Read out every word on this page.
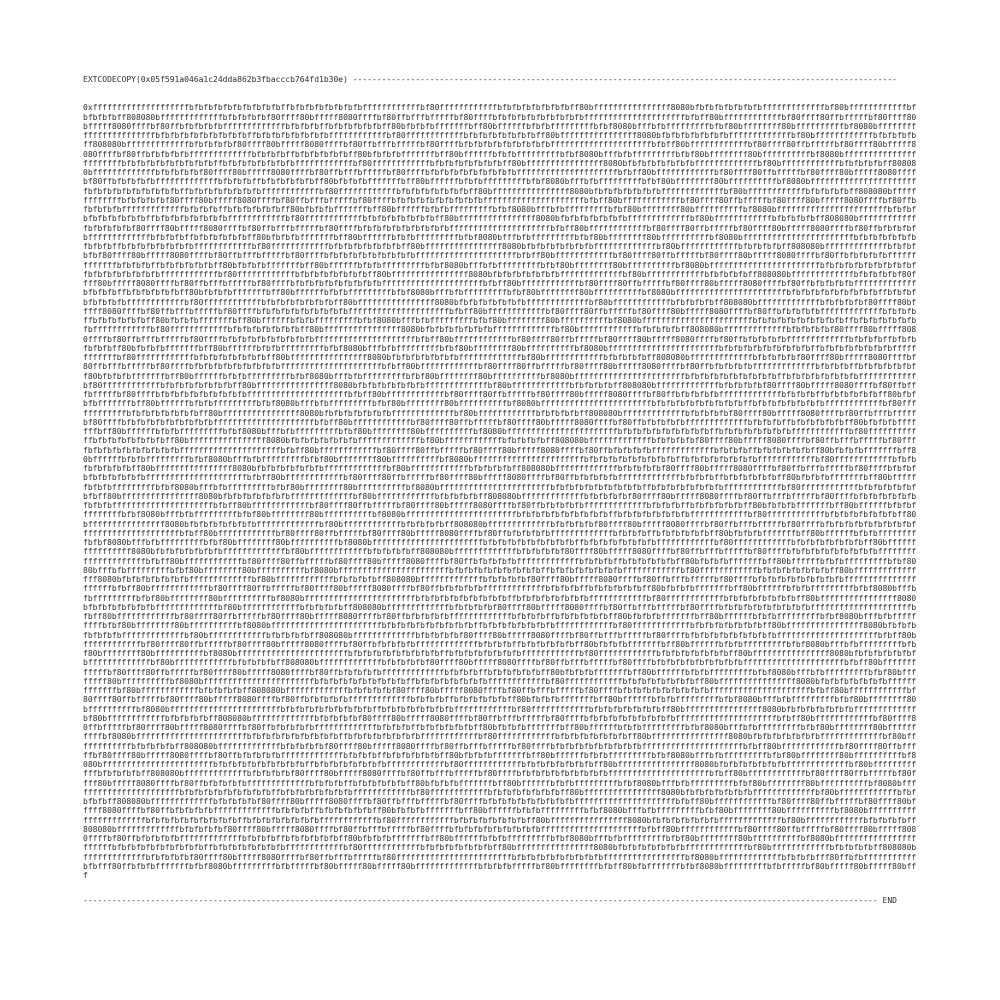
EXTCODECOPY(0x05f591a046a1c24dda862b3fbacccb764fd1b30e) -----------------------------------------------------------------------------------------------------------------
0xffffffffffffffffffffbfbfbfbfbfbfbfbfbfbffbfbfbfbfbfbfbfbffffffffffffbf80ffffffffffffbfbfbfbfbfbfbfbff80bffffffffffffffff8080bfbfbfbfbfbfbfbfffffffffffffbf80bffffffffffffbfbfbfbfbff808080bfffffffffffffbfbfbfbfbf80ffff80bfffff8080ffffbf80ffbfffbfffffbf80ffffbfbfbfbfbfbfbfbfbfbfffffffffffffffffffffbfbff80bffffffffffffbf80ffff80ffbfffffbf80ffff80bfffff8080ffffbf80ffbfbfbfbfbfffffffffffffbfbfbfbffbfbfbfbfbfbff80bfbfbfbfffffffbff80bffffffbfbfbfffffffffbfbf8080bfffbfbfffffffffbfbf80bffffffff80bffffffffffbf8080bfffffffffffffffffffffffbfbfbfbfbfbfbfbfbfbffbfbfbfbfbfbfbfbffffffffffffbf80ffffffffffffbfbfbfbfbfbfbfbff80bffffffffffffffff8080bfbfbfbfbfbfbfbfffffffffffffbf80bffffffffffffbfbfbfbfbff808080bfffffffffffffbfbfbfbfbf80ffff80bfffff8080ffffbf80ffbfffbfffffbf80ffffbfbfbfbfbfbfbfbfbfbfffffffffffffffffffffbfbff80bffffffffffffbf80ffff80ffbfffffbf80ffff80bfffff8080ffffbf80ffbfbfbfbfbfffffffffffffbfbfbfbffbfbfbfbfbfbff80bfbfbfbfffffffbff80bffffffbfbfbfffffffffbfbf8080bfffbfbfffffffffbfbf80bffffffff80bffffffffffbf8080bfffffffffffffffffffffffbfbfbfbfbfbfbfbfbfbffbfbfbfbfbfbfbfbffffffffffffbf80ffffffffffffbfbfbfbfbfbfbfbff80bffffffffffffffff8080bfbfbfbfbfbfbfbfffffffffffffbf80bffffffffffffbfbfbfbfbff808080bfffffffffffffbfbfbfbfbf80ffff80bfffff8080ffffbf80ffbfffbfffffbf80ffffbfbfbfbfbfbfbfbfbfbfffffffffffffffffffffbfbff80bffffffffffffbf80ffff80ffbfffffbf80ffff80bfffff8080ffffbf80ffbfbfbfbfbfffffffffffffbfbfbfbffbfbfbfbfbfbff80bfbfbfbfffffffbff80bffffffbfbfbfffffffffbfbf8080bfffbfbfffffffffbfbf80bffffffff80bffffffffffbf8080bfffffffffffffffffffffffbfbfbfbfbfbfbfbfbfbffbfbfbfbfbfbfbfbffffffffffffbf80ffffffffffffbfbfbfbfbfbfbfbff80bffffffffffffffff8080bfbfbfbfbfbfbfbfffffffffffffbf80bffffffffffffbfbfbfbfbff808080bfffffffffffffbfbfbfbfbf80ffff80bfffff8080ffffbf80ffbfffbfffffbf80ffffbfbfbfbfbfbfbfbfbfbfffffffffffffffffffffbfbff80bffffffffffffbf80ffff80ffbfffffbf80ffff80bfffff8080ffffbf80ffbfbfbfbfbfffffffffffffbfbfbfbffbfbfbfbfbfbff80bfbfbfbfffffffbff80bffffffbfbfbfffffffffbfbf8080bfffbfbfffffffffbfbf80bffffffff80bffffffffffbf8080bfffffffffffffffffffffffbfbfbfbfbfbfbfbfbfbffbfbfbfbfbfbfbfbffffffffffffbf80ffffffffffffbfbfbfbfbfbfbfbff80bffffffffffffffff8080bfbfbfbfbfbfbfbfffffffffffffbf80bffffffffffffbfbfbfbfbff808080bfffffffffffffbfbfbfbfbf80ffff80bfffff8080ffffbf80ffbfffbfffffbf80ffffbfbfbfbfbfbfbfbfbfbfffffffffffffffffffffbfbff80bffffffffffffbf80ffff80ffbfffffbf80ffff80bfffff8080ffffbf80ffbfbfbfbfbfffffffffffffbfbfbfbffbfbfbfbfbfbff80bfbfbfbfffffffbff80bffffffbfbfbfffffffffbfbf8080bfffbfbfffffffffbfbf80bffffffff80bffffffffffbf8080bfffffffffffffffffffffffbfbfbfbfbfbfbfbfbfbffbfbfbfbfbfbfbfbffffffffffffbf80ffffffffffffbfbfbfbfbfbfbfbff80bffffffffffffffff8080bfbfbfbfbfbfbfbfffffffffffffbf80bffffffffffffbfbfbfbfbff808080bfffffffffffffbfbfbfbfbf80ffff80bfffff8080ffffbf80ffbfffbfffffbf80ffffbfbfbfbfbfbfbfbfbfbfffffffffffffffffffffbfbff80bffffffffffffbf80ffff80ffbfffffbf80ffff80bfffff8080ffffbf80ffbfbfbfbfbfffffffffffffbfbfbfbffbfbfbfbfbfbff80bfbfbfbfffffffbff80bffffffbfbfbfffffffffbfbf8080bfffbfbfffffffffbfbf80bffffffff80bffffffffffbf8080bfffffffffffffffffffffffbfbfbfbfbfbfbfbfbfbffbfbfbfbfbfbfbfbffffffffffffbf80ffffffffffffbfbfbfbfbfbfbfbff80bffffffffffffffff8080bfbfbfbfbfbfbfbfffffffffffffbf80bffffffffffffbfbfbfbfbff808080bfffffffffffffbfbfbfbfbf80ffff80bfffff8080ffffbf80ffbfffbfffffbf80ffffbfbfbfbfbfbfbfbfbfbfffffffffffffffffffffbfbff80bffffffffffffbf80ffff80ffbfffffbf80ffff80bfffff8080ffffbf80ffbfbfbfbfbfffffffffffffbfbfbfbffbfbfbfbfbfbff80bfbfbfbfffffffbff80bffffffbfbfbfffffffffbfbf8080bfffbfbfffffffffbfbf80bffffffff80bffffffffffbf8080bfffffffffffffffffffffffbfbfbfbfbfbfbfbfbfbffbfbfbfbfbfbfbfbffffffffffffbf80ffffffffffffbfbfbfbfbfbfbfbff80bffffffffffffffff8080bfbfbfbfbfbfbfbfffffffffffffbf80bffffffffffffbfbfbfbfbff808080bfffffffffffffbfbfbfbfbf80ffff80bfffff8080ffffbf80ffbfffbfffffbf80ffffbfbfbfbfbfbfbfbfbfbfffffffffffffffffffffbfbff80bffffffffffffbf80ffff80ffbfffffbf80ffff80bfffff8080ffffbf80ffbfbfbfbfbfffffffffffffbfbfbfbffbfbfbfbfbfbff80bfbfbfbfffffffbff80bffffffbfbfbfffffffffbfbf8080bfffbfbfffffffffbfbf80bffffffff80bffffffffffbf8080bfffffffffffffffffffffffbfbfbfbfbfbfbfbfbfbffbfbfbfbfbfbfbfbffffffffffffbf80ffffffffffffbfbfbfbfbfbfbfbff80bffffffffffffffff8080bfbfbfbfbfbfbfbfffffffffffffbf80bffffffffffffbfbfbfbfbff808080bfffffffffffffbfbfbfbfbf80ffff80bfffff8080ffffbf80ffbfffbfffffbf80ffffbfbfbfbfbfbfbfbfbfbfffffffffffffffffffffbfbff80bffffffffffffbf80ffff80ffbfffffbf80ffff80bfffff8080ffffbf80ffbfbfbfbfbfffffffffffffbfbfbfbffbfbfbfbfbfbff80bfbfbfbfffffffbff80bffffffbfbfbfffffffffbfbf8080bfffbfbfffffffffbfbf80bffffffff80bffffffffffbf8080bfffffffffffffffffffffffbfbfbfbfbfbfbfbfbfbffbfbfbfbfbfbfbfbffffffffffffbf80ffffffffffffbfbfbfbfbfbfbfbff80bffffffffffffffff8080bfbfbfbfbfbfbfbfffffffffffffbf80bffffffffffffbfbfbfbfbff808080bfffffffffffffbfbfbfbfbf80ffff80bfffff8080ffffbf80ffbfffbfffffbf80ffffbfbfbfbfbfbfbfbfbfbfffffffffffffffffffffbfbff80bffffffffffffbf80ffff80ffbfffffbf80ffff80bfffff8080ffffbf80ffbfbfbfbfbfffffffffffffbfbfbfbffbfbfbfbfbfbff80bfbfbfbfffffffbff80bffffffbfbfbfffffffffbfbf8080bfffbfbfffffffffbfbf80bffffffff80bffffffffffbf8080bfffffffffffffffffffffffbfbfbfbfbfbfbfbfbfbffbfbfbfbfbfbfbfbffffffffffffbf80ffffffffffffbfbfbfbfbfbfbfbff80bffffffffffffffff8080bfbfbfbfbfbfbfbfffffffffffffbf80bffffffffffffbfbfbfbfbff808080bfffffffffffffbfbfbfbfbf80ffff80bfffff8080ffffbf80ffbfffbfffffbf80ffffbfbfbfbfbfbfbfbfbfbfffffffffffffffffffffbfbff80bffffffffffffbf80ffff80ffbfffffbf80ffff80bfffff8080ffffbf80ffbfbfbfbfbfffffffffffffbfbfbfbffbfbfbfbfbfbff80bfbfbfbfffffffbff80bffffffbfbfbfffffffffbfbf8080bfffbfbfffffffffbfbf80bffffffff80bffffffffffbf8080bfffffffffffffffffffffffbfbfbfbfbfbfbfbfbfbffbfbfbfbfbfbfbfbffffffffffffbf80ffffffffffffbfbfbfbfbfbfbfbff80bffffffffffffffff8080bfbfbfbfbfbfbfbfffffffffffffbf80bffffffffffffbfbfbfbfbff808080bfffffffffffffbfbfbfbfbf80ffff80bfffff8080ffffbf80ffbfffbfffffbf80ffffbfbfbfbfbfbfbfbfbfbfffffffffffffffffffffbfbff80bffffffffffffbf80ffff80ffbfffffbf80ffff80bfffff8080ffffbf80ffbfbfbfbfbfffffffffffffbfbfbfbffbfbfbfbfbfbff80bfbfbfbfffffffbff80bffffffbfbfbfffffffffbfbf8080bfffbfbfffffffffbfbf80bffffffff80bffffffffffbf8080bfffffffffffffffffffffffbfbfbfbfbfbfbfbfbfbffbfbfbfbfbfbfbfbffffffffffffbf80ffffffffffffbfbfbfbfbfbfbfbff80bffffffffffffffff8080bfbfbfbfbfbfbfbfffffffffffffbf80bffffffffffffbfbfbfbfbff808080bfffffffffffffbfbfbfbfbf80ffff80bfffff8080ffffbf80ffbfffbfffffbf80ffffbfbfbfbfbfbfbfbfbfbfffffffffffffffffffffbfbff80bffffffffffffbf80ffff80ffbfffffbf80ffff80bfffff8080ffffbf80ffbfbfbfbfbfffffffffffffbfbfbfbffbfbfbfbfbfbff80bfbfbfbfffffffbff80bffffffbfbfbfffffffffbfbf8080bfffbfbfffffffffbfbf80bffffffff80bffffffffffbf8080bfffffffffffffffffffffffbfbfbfbfbfbfbfbfbfbffbfbfbfbfbfbfbfbffffffffffffbf80ffffffffffffbfbfbfbfbfbfbfbff80bffffffffffffffff8080bfbfbfbfbfbfbfbfffffffffffffbf80bffffffffffffbfbfbfbfbff808080bfffffffffffffbfbfbfbfbf80ffff80bfffff8080ffffbf80ffbfffbfffffbf80ffffbfbfbfbfbfbfbfbfbfbfffffffffffffffffffffbfbff80bffffffffffffbf80ffff80ffbfffffbf80ffff80bfffff8080ffffbf80ffbfbfbfbfbfffffffffffffbfbfbfbffbfbfbfbfbfbff80bfbfbfbfffffffbff80bffffffbfbfbfffffffffbfbf8080bfffbfbfffffffffbfbf80bffffffff80bffffffffffbf8080bfffffffffffffffffffffffbfbfbfbfbfbfbfbfbfbffbfbfbfbfbfbfbfbffffffffffffbf80ffffffffffffbfbfbfbfbfbfbfbff80bffffffffffffffff8080bfbfbfbfbfbfbfbfffffffffffffbf80bffffffffffffbfbfbfbfbff808080bfffffffffffffbfbfbfbfbf80ffff80bfffff8080ffffbf80ffbfffbfffffbf80ffffbfbfbfbfbfbfbfbfbfbfffffffffffffffffffffbfbff80bffffffffffffbf80ffff80ffbfffffbf80ffff80bfffff8080ffffbf80ffbfbfbfbfbfffffffffffffbfbfbfbffbfbfbfbfbfbff80bfbfbfbfffffffbff80bffffffbfbfbfffffffffbfbf8080bfffbfbfffffffffbfbf80bffffffff80bffffffffffbf8080bfffffffffffffffffffffffbfbfbfbfbfbfbfbfbfbffbfbfbfbfbfbfbfbffffffffffffbf80ffffffffffffbfbfbfbfbfbfbfbff80bffffffffffffffff8080bfbfbfbfbfbfbfbfffffffffffffbf80bffffffffffffbfbfbfbfbff808080bfffffffffffffbfbfbfbfbf80ffff80bfffff8080ffffbf80ffbfffbfffffbf80ffffbfbfbfbfbfbfbfbfbfbfffffffffffffffffffffbfbff80bffffffffffffbf80ffff80ffbfffffbf80ffff80bfffff8080ffffbf80ffbfbfbfbfbfffffffffffffbfbfbfbffbfbfbfbfbfbff80bfbfbfbfffffffbff80bffffffbfbfbfffffffffbfbf8080bfffbfbfffffffffbfbf80bffffffff80bffffffffffbf8080bfffffffffffffffffffffffbfbfbfbfbfbfbfbfbfbffbfbfbfbfbfbfbfbffffffffffffbf80ffffffffffffbfbfbfbfbfbfbfbff80bffffffffffffffff8080bfbfbfbfbfbfbfbfffffffffffffbf80bffffffffffffbfbfbfbfbff808080bfffffffffffffbfbfbfbfbf80ffff80bfffff8080ffffbf80ffbfffbfffffbf80ffffbfbfbfbfbfbfbfbfbfbfffffffffffffffffffffbfbff80bffffffffffffbf80ffff80ffbfffffbf80ffff80bfffff8080ffffbf80ffbfbfbfbfbfffffffffffffbfbfbfbffbfbfbfbfbfbff80bfbfbfbfffffffbff80bffffffbfbfbfffffffffbfbf8080bfffbfbfffffffffbfbf80bffffffff80bffffffffffbf8080bfffffffffffffffffffffffbfbfbfbfbfbfbfbfbfbffbfbfbfbfbfbfbfbffffffffffffbf80ffffffffffffbfbfbfbfbfbfbfbff80bffffffffffffffff8080bfbfbfbfbfbfbfbfffffffffffffbf80bffffffffffffbfbfbfbfbff808080bfffffffffffffbfbfbfbfbf80ffff80bfffff8080ffffbf80ffbfffbfffffbf80ffffbfbfbfbfbfbfbfbfbfbfffffffffffffffffffffbfbff80bffffffffffffbf80ffff80ffbfffffbf80ffff80bfffff8080ffffbf80ffbfbfbfbfbfffffffffffffbfbfbfbffbfbfbfbfbfbff80bfbfbfbfffffffbff80bffffffbfbfbfffffffffbfbf8080bfffbfbfffffffffbfbf80bffffffff80bffffffffffbf8080bfffffffffffffffffffffffbfbfbfbfbfbfbfbfbfbffbfbfbfbfbfbfbfbffffffffffffbf80ffffffffffffbfbfbfbfbfbfbfbff80bffffffffffffffff8080bfbfbfbfbfbfbfbfffffffffffffbf80bffffffffffffbfbfbfbfbff808080bfffffffffffffbfbfbfbfbf80ffff80bfffff8080ffffbf80ffbfffbfffffbf80ffffbfbfbfbfbfbfbfbfbfbfffffffffffffffffffffbfbff80bffffffffffffbf80ffff80ffbfffffbf80ffff80bfffff8080ffffbf80ffbfbfbfbfbfffffffffffffbfbfbfbffbfbfbfbfbfbff80bfbfbfbfffffffbff80bffffffbfbfbfffffffffbfbf8080bfffbfbfffffffffbfbf80bffffffff80bffffffffffbf8080bfffffffffffffffffffffffbfbfbfbfbfbfbfbfbfbffbfbfbfbfbfbfbfbffffffffffffbf80ffffffffffffbfbfbfbfbfbfbfbff80bffffffffffffffff8080bfbfbfbfbfbfbfbfffffffffffffbf80bffffffffffffbfbfbfbfbff808080bfffffffffffffbfbfbfbfbf80ffff80bfffff8080ffffbf80ffbfffbfffffbf80ffffbfbfbfbfbfbfbfbfbfbfffffffffffffffffffffbfbff80bffffffffffffbf80ffff80ffbfffffbf80ffff80bfffff8080ffffbf80ffbfbfbfbfbfffffffffffffbfbfbfbffbfbfbfbfbfbff80bfbfbfbfffffffbff80bffffffbfbfbfffffffffbfbf8080bfffbfbfffffffffbfbf80bffffffff80bffffffffffbf8080bfffffffffffffffffffffffbfbfbfbfbfbfbfbfbfbffbfbfbfbfbfbfbfbffffffffffffbf80ffffffffffffbfbfbfbfbfbfbfbff80bffffffffffffffff8080bfbfbfbfbfbfbfbfffffffffffffbf80bffffffffffffbfbfbfbfbff808080bfffffffffffffbfbfbfbfbf80ffff80bfffff8080ffffbf80ffbfffbfffffbf80ffffbfbfbfbfbfbfbfbfbfbfffffffffffffffffffffbfbff80bffffffffffffbf80ffff80ffbfffffbf80ffff80bfffff8080ffffbf80ffbfbfbfbfbfffffffffffffbfbfbfbffbfbfbfbfbfbff80bfbfbfbfffffffbff80bffffffbfbfbfffffffffbfbf8080bfffbfbfffffffffbfbf80bffffffff80bffffffffffbf8080bfffffffffffffffffffffffbfbfbfbfbfbfbfbfbfbffbfbfbfbfbfbfbfbffffffffffffbf80ffffffffffffbfbfbfbfbfbfbfbff80bffffffffffffffff8080bfbfbfbfbfbfbfbfffffffffffffbf80bffffffffffffbfbfbfbfbff808080bfffffffffffffbfbfbfbfbf80ffff80bfffff8080ffffbf80ffbfffbfffffbf80ffffbfbfbfbfbfbfbfbfbfbfffffffffffffffffffffbfbff80bffffffffffffbf80ffff80ffbfffffbf80ffff80bfffff8080ffffbf80ffbfbfbfbfbfffffffffffffbfbfbfbffbfbfbfbfbfbff80bfbfbfbfffffffbff80bffffffbfbfbfffffffffbfbf8080bfffbfbfffffffffbfbf80bffffffff80bffffffffffbf8080bfffffffffffffffffffffffbfbfbfbfbfbfbfbfbfbffbfbfbfbfbfbfbfbffffffffffffbf80ffffffffffffbfbfbfbfbfbfbfbff80bffffffffffffffff8080bfbfbfbfbfbfbfbfffffffffffffbf80bffffffffffffbfbfbfbfbff808080bfffffffffffffbfbfbfbfbf80ffff80bfffff8080ffffbf80ffbfffbfffffbf80ffffbfbfbfbfbfbfbfbfbfbfffffffffffffffffffffbfbff80bffffffffffffbf80ffff80ffbfffffbf80ffff80bfffff8080ffffbf80ffbfbfbfbfbfffffffffffffbfbfbfbffbfbfbfbfbfbff80bfbfbfbfffffffbff80bffffffbfbfbfffffffffbfbf8080bfffbfbfffffffffbfbf80bffffffff80bffffffffffbf8080bfffffffffffffffffffffffbfbfbfbfbfbfbfbfbfbffbfbfbfbfbfbfbfbffffffffffffbf80ffffffffffffbfbfbfbfbfbfbfbff80bffffffffffffffff8080bfbfbfbfbfbfbfbfffffffffffffbf80bffffffffffffbfbfbfbfbff808080bfffffffffffffbfbfbfbfbf80ffff80bfffff8080ffffbf80ffbfffbfffffbf80ffffbfbfbfbfbfbfbfbfbfbfffffffffffffffffffffbfbff80bffffffffffffbf80ffff80ffbfffffbf80ffff80bfffff8080ffffbf80ffbfbfbfbfbfffffffffffffbfbfbfbffbfbfbfbfbfbff80bfbfbfbfffffffbff80bffffffbfbfbfffffffffbfbf8080bfffbfbfffffffffbfbf80bffffffff80bffffffffffbf8080bfffffffffffffffffffffffbfbfbfbfbfbfbfbfbfbffbfbfbfbfbfbfbfbffffffffffffbf80ffffffffffffbfbfbfbfbfbfbfbff80bffffffffffffffff8080bfbfbfbfbfbfbfbfffffffffffffbf80bffffffffffffbfbfbfbfbff808080bfffffffffffffbfbfbfbfbf80ffff80bfffff8080ffffbf80ffbfffbfffffbf80ffffbfbfbfbfbfbfbfbfbfbfffffffffffffffffffffbfbff80bffffffffffffbf80ffff80ffbfffffbf80ffff80bfffff8080ffffbf80ffbfbfbfbfbfffffffffffffbfbfbfbffbfbfbfbfbfbff80bfbfbfbfffffffbff80bffffffbfbfbfffffffffbfbf8080bfffbfbfffffffffbfbf80bffffffff80bffffffffffbf8080bfffffffffffffffffffffffbfbfbfbfbfbfbfbfbfbffbfbfbfbfbfbfbfbffffffffffffbf80ffffffffffffbfbfbfbfbfbfbfbff80bffffffffffffffff8080bfbfbfbfbfbfbfbfffffffffffffbf80bffffffffffffbfbfbfbfbff808080bfffffffffffffbfbfbfbfbf80ffff80bfffff8080ffffbf80ffbfffbfffffbf80ffffbfbfbfbfbfbfbfbfbfbfffffffffffffffffffffbfbff80bffffffffffffbf80ffff80ffbfffffbf80ffff80bfffff8080ffffbf80ffbfbfbfbfbfffffffffffffbfbfbfbffbfbfbfbfbfbff80bfbfbfbfffffffbff80bffffffbfbfbfffffffffbfbf8080bfffbfbfffffffffbfbf80bffffffff80bffffffffffbf8080bfffffffffffffffffffffffbfbfbfbfbfbfbfbfbfbffbfbfbfbfbfbfbfbffffffffffffbf80ffffffffffffbfbfbfbfbfbfbfbff80bffffffffffffffff8080bfbfbfbfbfbfbfbfffffffffffffbf80bffffffffffffbfbfbfbfbff808080bfffffffffffffbfbfbfbfbf80ffff80bfffff8080ffffbf80ffbfffbfffffbf80ffffbfbfbfbfbfbfbfbfbfbfffffffffffffffffffffbfbff80bffffffffffffbf80ffff80ffbfffffbf80ffff80bfffff8080ffffbf80ffbfbfbfbfbfffffffffffffbfbfbfbffbfbfbfbfbfbff80bfbfbfbfffffffbff80bffffffbfbfbfffffffffbfbf8080bfffbfbfffffffffbfbf80bffffffff80bffffffffffbf8080bfffffffffffffffffffffffbfbfbfbfbfbfbfbfbfbffbfbfbfbfbfbfbfbffffffffffffbf80ffffffffffffbfbfbfbfbfbfbfbff80bffffffffffffffff8080bfbfbfbfbfbfbfbfffffffffffffbf80bffffffffffffbfbfbfbfbff808080bfffffffffffffbfbfbfbfbf80ffff80bfffff8080ffffbf80ffbfffbfffffbf80ffffffffffffffffffffffffbfbfbfbfbfbfbfbfbfbfffffffffffffffffbf8080bfffffffffffffbfbfbfbfff80ffbfbfffffffffffbfbfff80ffbfbfbfffffffbfbf8080bfffffffffbfbfffffbf80bfffff80bfffff80bfffffffffffffbfbfbfbfffffbf80bffffffffbfbff80bfbfffffffbfbf8080bfffffffffbfbfffffbf80bfffff80bfffff80bfff
--------------------------------------------------------------------------------------------------------------------------------------------------------------------- END
